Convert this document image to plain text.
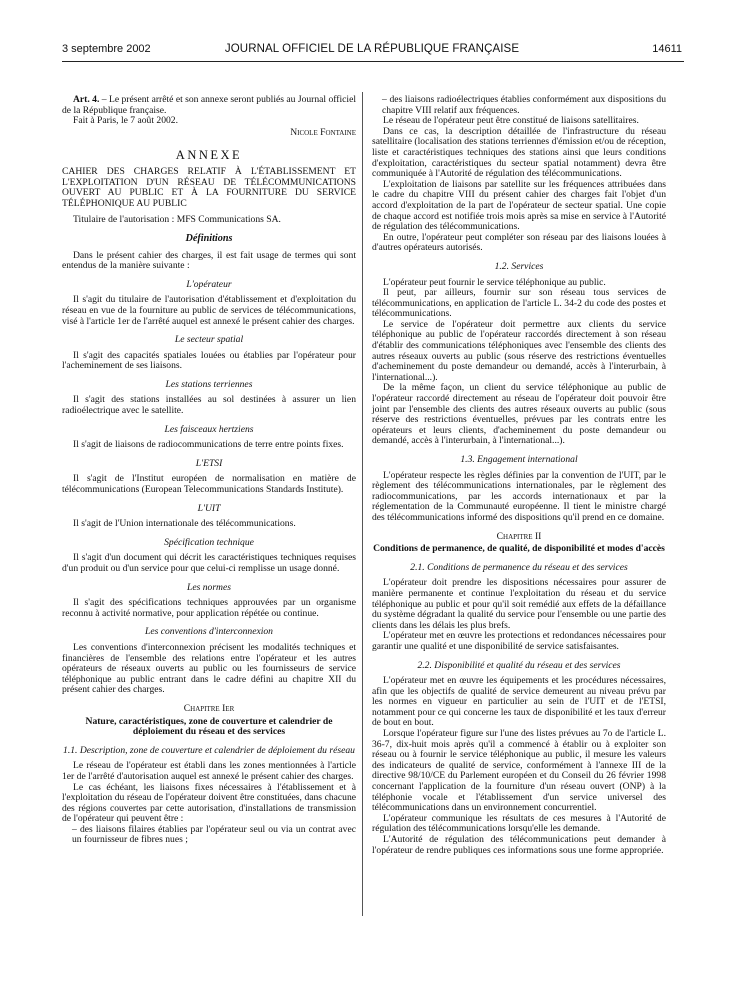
3 septembre 2002	JOURNAL OFFICIEL DE LA RÉPUBLIQUE FRANÇAISE	14611

Art. 4. – Le présent arrêté et son annexe seront publiés au Journal officiel de la République française.

Fait à Paris, le 7 août 2002.

Nicole Fontaine

ANNEXE

CAHIER DES CHARGES RELATIF À L'ÉTABLISSEMENT ET L'EXPLOITATION D'UN RÉSEAU DE TÉLÉCOMMUNICATIONS OUVERT AU PUBLIC ET À LA FOURNITURE DU SERVICE TÉLÉPHONIQUE AU PUBLIC

Titulaire de l'autorisation : MFS Communications SA.

Définitions

Dans le présent cahier des charges, il est fait usage de termes qui sont entendus de la manière suivante :

L'opérateur

Il s'agit du titulaire de l'autorisation d'établissement et d'exploitation du réseau en vue de la fourniture au public de services de télécommunications, visé à l'article 1er de l'arrêté auquel est annexé le présent cahier des charges.

Le secteur spatial

Il s'agit des capacités spatiales louées ou établies par l'opérateur pour l'acheminement de ses liaisons.

Les stations terriennes

Il s'agit des stations installées au sol destinées à assurer un lien radioélectrique avec le satellite.

Les faisceaux hertziens

Il s'agit de liaisons de radiocommunications de terre entre points fixes.

L'ETSI

Il s'agit de l'Institut européen de normalisation en matière de télécommunications (European Telecommunications Standards Institute).

L'UIT

Il s'agit de l'Union internationale des télécommunications.

Spécification technique

Il s'agit d'un document qui décrit les caractéristiques techniques requises d'un produit ou d'un service pour que celui-ci remplisse un usage donné.

Les normes

Il s'agit des spécifications techniques approuvées par un organisme reconnu à activité normative, pour application répétée ou continue.

Les conventions d'interconnexion

Les conventions d'interconnexion précisent les modalités techniques et financières de l'ensemble des relations entre l'opérateur et les autres opérateurs de réseaux ouverts au public ou les fournisseurs de service téléphonique au public entrant dans le cadre défini au chapitre XII du présent cahier des charges.

Chapitre Ier

Nature, caractéristiques, zone de couverture et calendrier de déploiement du réseau et des services

1.1. Description, zone de couverture et calendrier de déploiement du réseau

Le réseau de l'opérateur est établi dans les zones mentionnées à l'article 1er de l'arrêté d'autorisation auquel est annexé le présent cahier des charges.

Le cas échéant, les liaisons fixes nécessaires à l'établissement et à l'exploitation du réseau de l'opérateur doivent être constituées, dans chacune des régions couvertes par cette autorisation, d'installations de transmission de l'opérateur qui peuvent être :

– des liaisons filaires établies par l'opérateur seul ou via un contrat avec un fournisseur de fibres nues ;

– des liaisons radioélectriques établies conformément aux dispositions du chapitre VIII relatif aux fréquences.

Le réseau de l'opérateur peut être constitué de liaisons satellitaires.

Dans ce cas, la description détaillée de l'infrastructure du réseau satellitaire (localisation des stations terriennes d'émission et/ou de réception, liste et caractéristiques techniques des stations ainsi que leurs conditions d'exploitation, caractéristiques du secteur spatial notamment) devra être communiquée à l'Autorité de régulation des télécommunications.

L'exploitation de liaisons par satellite sur les fréquences attribuées dans le cadre du chapitre VIII du présent cahier des charges fait l'objet d'un accord d'exploitation de la part de l'opérateur de secteur spatial. Une copie de chaque accord est notifiée trois mois après sa mise en service à l'Autorité de régulation des télécommunications.

En outre, l'opérateur peut compléter son réseau par des liaisons louées à d'autres opérateurs autorisés.

1.2. Services

L'opérateur peut fournir le service téléphonique au public.

Il peut, par ailleurs, fournir sur son réseau tous services de télécommunications, en application de l'article L. 34-2 du code des postes et télécommunications.

Le service de l'opérateur doit permettre aux clients du service téléphonique au public de l'opérateur raccordés directement à son réseau d'établir des communications téléphoniques avec l'ensemble des clients des autres réseaux ouverts au public (sous réserve des restrictions éventuelles d'acheminement du poste demandeur ou demandé, accès à l'interurbain, à l'international...).

De la même façon, un client du service téléphonique au public de l'opérateur raccordé directement au réseau de l'opérateur doit pouvoir être joint par l'ensemble des clients des autres réseaux ouverts au public (sous réserve des restrictions éventuelles, prévues par les contrats entre les opérateurs et leurs clients, d'acheminement du poste demandeur ou demandé, accès à l'interurbain, à l'international...).

1.3. Engagement international

L'opérateur respecte les règles définies par la convention de l'UIT, par le règlement des télécommunications internationales, par le règlement des radiocommunications, par les accords internationaux et par la réglementation de la Communauté européenne. Il tient le ministre chargé des télécommunications informé des dispositions qu'il prend en ce domaine.

Chapitre II

Conditions de permanence, de qualité, de disponibilité et modes d'accès

2.1. Conditions de permanence du réseau et des services

L'opérateur doit prendre les dispositions nécessaires pour assurer de manière permanente et continue l'exploitation du réseau et du service téléphonique au public et pour qu'il soit remédié aux effets de la défaillance du système dégradant la qualité du service pour l'ensemble ou une partie des clients dans les délais les plus brefs.

L'opérateur met en œuvre les protections et redondances nécessaires pour garantir une qualité et une disponibilité de service satisfaisantes.

2.2. Disponibilité et qualité du réseau et des services

L'opérateur met en œuvre les équipements et les procédures nécessaires, afin que les objectifs de qualité de service demeurent au niveau prévu par les normes en vigueur en particulier au sein de l'UIT et de l'ETSI, notamment pour ce qui concerne les taux de disponibilité et les taux d'erreur de bout en bout.

Lorsque l'opérateur figure sur l'une des listes prévues au 7o de l'article L. 36-7, dix-huit mois après qu'il a commencé à établir ou à exploiter son réseau ou à fournir le service téléphonique au public, il mesure les valeurs des indicateurs de qualité de service, conformément à l'annexe III de la directive 98/10/CE du Parlement européen et du Conseil du 26 février 1998 concernant l'application de la fourniture d'un réseau ouvert (ONP) à la téléphonie vocale et l'établissement d'un service universel des télécommunications dans un environnement concurrentiel.

L'opérateur communique les résultats de ces mesures à l'Autorité de régulation des télécommunications lorsqu'elle les demande.

L'Autorité de régulation des télécommunications peut demander à l'opérateur de rendre publiques ces informations sous une forme appropriée.
